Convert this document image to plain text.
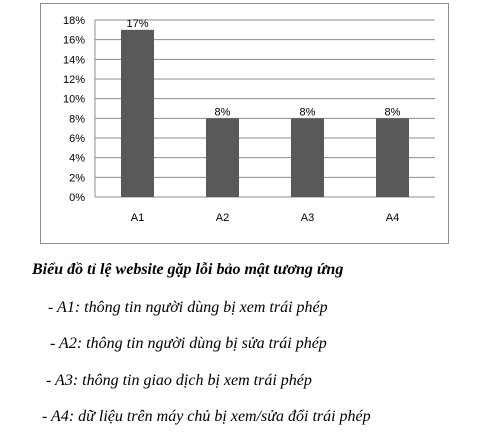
0%
2%
4%
6%
8%
10%
12%
14%
16%
18%	17%
A1
8%
A2
8%
A3
8%
A4
Biểu đồ tỉ lệ website gặp lỗi bảo mật tương ứng
- A1: thông tin người dùng bị xem trái phép
- A2: thông tin người dùng bị sửa trái phép
- A3: thông tin giao dịch bị xem trái phép
- A4: dữ liệu trên máy chủ bị xem/sửa đổi trái phép
